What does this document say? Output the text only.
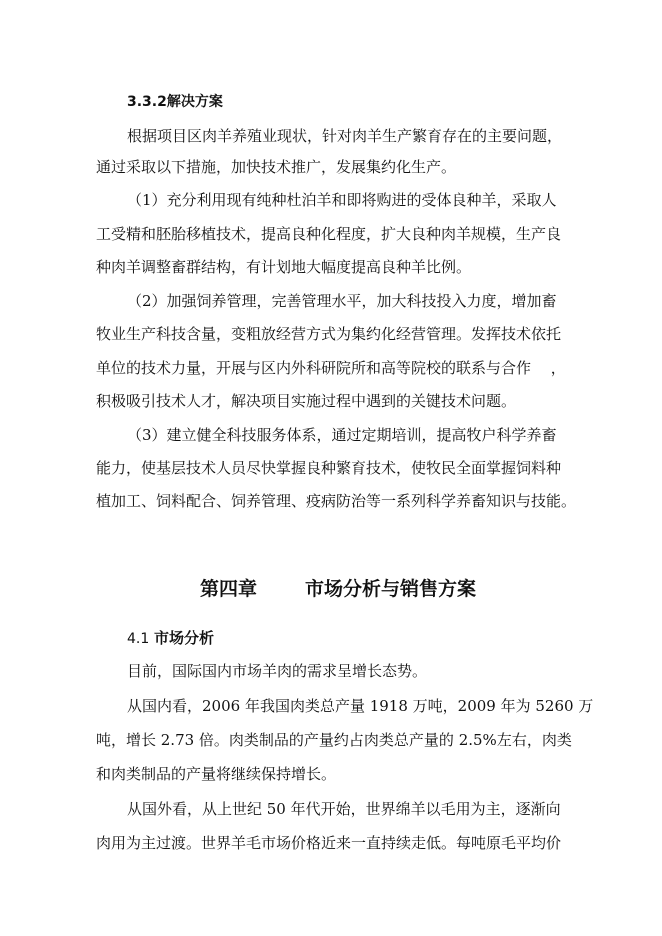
3.3.2解决方案

根据项目区肉羊养殖业现状，针对肉羊生产繁育存在的主要问题，

通过采取以下措施，加快技术推广，发展集约化生产。

（1）充分利用现有纯种杜泊羊和即将购进的受体良种羊，采取人

工受精和胚胎移植技术，提高良种化程度，扩大良种肉羊规模，生产良

种肉羊调整畜群结构，有计划地大幅度提高良种羊比例。

（2）加强饲养管理，完善管理水平，加大科技投入力度，增加畜

牧业生产科技含量，变粗放经营方式为集约化经营管理。发挥技术依托

单位的技术力量，开展与区内外科研院所和高等院校的联系与合作　 ，

积极吸引技术人才，解决项目实施过程中遇到的关键技术问题。

（3）建立健全科技服务体系，通过定期培训，提高牧户科学养畜

能力，使基层技术人员尽快掌握良种繁育技术，使牧民全面掌握饲料种

植加工、饲料配合、饲养管理、疫病防治等一系列科学养畜知识与技能。

第四章	市场分析与销售方案

4.1 市场分析

目前，国际国内市场羊肉的需求呈增长态势。

从国内看，2006 年我国肉类总产量 1918 万吨，2009 年为 5260 万

吨，增长 2.73 倍。肉类制品的产量约占肉类总产量的 2.5%左右，肉类

和肉类制品的产量将继续保持增长。

从国外看，从上世纪 50 年代开始，世界绵羊以毛用为主，逐渐向

肉用为主过渡。世界羊毛市场价格近来一直持续走低。每吨原毛平均价
